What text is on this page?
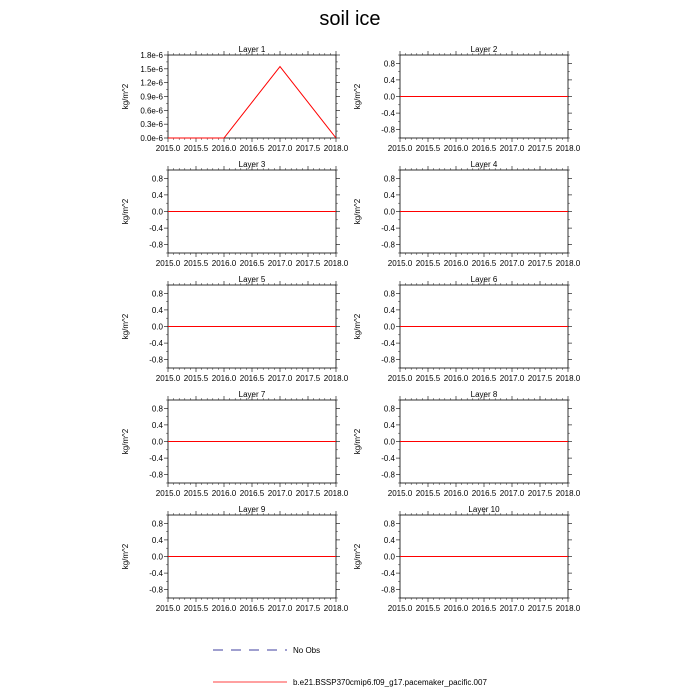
soil ice
Layer 1
kg/m^2
2015.0 2015.5 2016.0 2016.5 2017.0 2017.5 2018.0
1.8e-6
1.5e-6
1.2e-6
0.9e-6
0.6e-6
0.3e-6
0.0e-6
Layer 2
kg/m^2
2015.0 2015.5 2016.0 2016.5 2017.0 2017.5 2018.0
0.8
0.4
0.0
-0.4
-0.8
Layer 3
kg/m^2
2015.0 2015.5 2016.0 2016.5 2017.0 2017.5 2018.0
0.8
0.4
0.0
-0.4
-0.8
Layer 4
kg/m^2
2015.0 2015.5 2016.0 2016.5 2017.0 2017.5 2018.0
0.8
0.4
0.0
-0.4
-0.8
Layer 5
kg/m^2
2015.0 2015.5 2016.0 2016.5 2017.0 2017.5 2018.0
0.8
0.4
0.0
-0.4
-0.8
Layer 6
kg/m^2
2015.0 2015.5 2016.0 2016.5 2017.0 2017.5 2018.0
0.8
0.4
0.0
-0.4
-0.8
Layer 7
kg/m^2
2015.0 2015.5 2016.0 2016.5 2017.0 2017.5 2018.0
0.8
0.4
0.0
-0.4
-0.8
Layer 8
kg/m^2
2015.0 2015.5 2016.0 2016.5 2017.0 2017.5 2018.0
0.8
0.4
0.0
-0.4
-0.8
Layer 9
kg/m^2
2015.0 2015.5 2016.0 2016.5 2017.0 2017.5 2018.0
0.8
0.4
0.0
-0.4
-0.8
Layer 10
kg/m^2
2015.0 2015.5 2016.0 2016.5 2017.0 2017.5 2018.0
0.8
0.4
0.0
-0.4
-0.8
No Obs
b.e21.BSSP370cmip6.f09_g17.pacemaker_pacific.007
